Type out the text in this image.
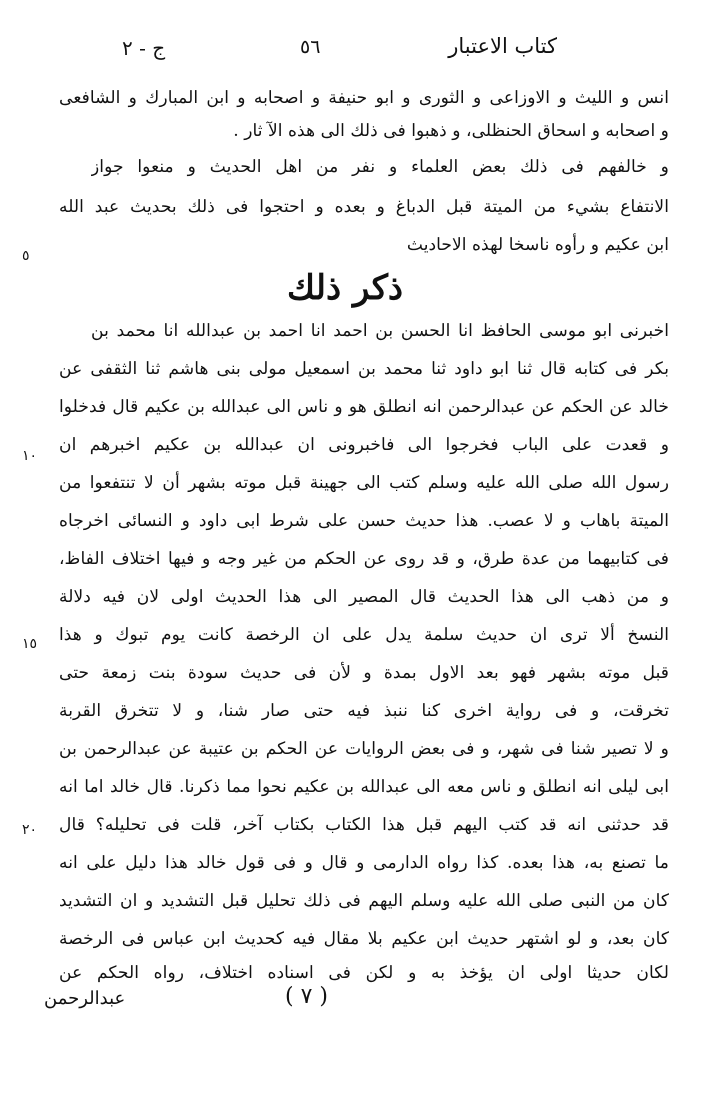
كتاب الاعتبار
٥٦
ج - ٢
انس و الليث و الاوزاعى و الثورى و ابو حنيفة و اصحابه و ابن المبارك و الشافعى
و اصحابه و اسحاق الحنظلى، و ذهبوا فى ذلك الى هذه الآ ثار .
و خالفهم فى ذلك بعض العلماء و نفر من اهل الحديث و منعوا جواز
الانتفاع بشيء من الميتة قبل الدباغ و بعده و احتجوا فى ذلك بحديث عبد الله
ابن عكيم و رأوه ناسخا لهذه الاحاديث
ذكر ذلك
اخبرنى ابو موسى الحافظ انا الحسن بن احمد انا احمد بن عبدالله انا محمد بن
بكر فى كتابه قال ثنا ابو داود ثنا محمد بن اسمعيل مولى بنى هاشم ثنا الثقفى عن
خالد عن الحكم عن عبدالرحمن انه انطلق هو و ناس الى عبدالله بن عكيم قال فدخلوا
و قعدت على الباب فخرجوا الى فاخبرونى ان عبدالله بن عكيم اخبرهم ان
رسول الله صلى الله عليه وسلم كتب الى جهينة قبل موته بشهر أن لا تنتفعوا من
الميتة باهاب و لا عصب. هذا حديث حسن على شرط ابى داود و النسائى اخرجاه
فى كتابيهما من عدة طرق، و قد روى عن الحكم من غير وجه و فيها اختلاف الفاظ،
و من ذهب الى هذا الحديث قال المصير الى هذا الحديث اولى لان فيه دلالة
النسخ ألا ترى ان حديث سلمة يدل على ان الرخصة كانت يوم تبوك و هذا
قبل موته بشهر فهو بعد الاول بمدة و لأن فى حديث سودة بنت زمعة حتى
تخرقت، و فى رواية اخرى كنا ننبذ فيه حتى صار شنا، و لا تتخرق القربة
و لا تصير شنا فى شهر، و فى بعض الروايات عن الحكم بن عتيبة عن عبدالرحمن بن
ابى ليلى انه انطلق و ناس معه الى عبدالله بن عكيم نحوا مما ذكرنا. قال خالد اما انه
قد حدثنى انه قد كتب اليهم قبل هذا الكتاب بكتاب آخر، قلت فى تحليله؟ قال
ما تصنع به، هذا بعده. كذا رواه الدارمى و قال و فى قول خالد هذا دليل على انه
كان من النبى صلى الله عليه وسلم اليهم فى ذلك تحليل قبل التشديد و ان التشديد
كان بعد، و لو اشتهر حديث ابن عكيم بلا مقال فيه كحديث ابن عباس فى الرخصة
لكان حديثا اولى ان يؤخذ به و لكن فى اسناده اختلاف، رواه الحكم عن
٥
١٠
١٥
٢٠
( ٧ )
عبدالرحمن
